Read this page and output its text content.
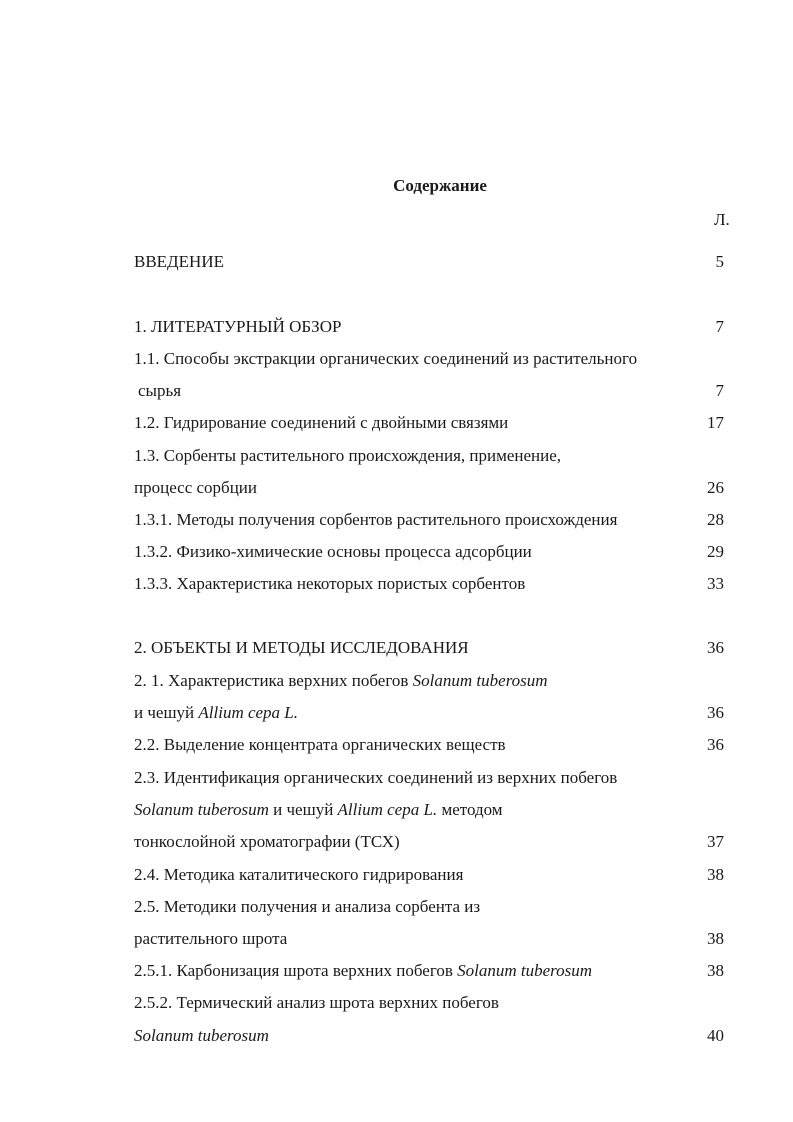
Содержание
Л.
ВВЕДЕНИЕ	5
1. ЛИТЕРАТУРНЫЙ ОБЗОР	7
1.1. Способы экстракции органических соединений из растительного
сырья	7
1.2. Гидрирование соединений с двойными связями	17
1.3. Сорбенты растительного происхождения, применение,
процесс сорбции	26
1.3.1. Методы получения сорбентов растительного происхождения	28
1.3.2. Физико-химические основы процесса адсорбции	29
1.3.3. Характеристика некоторых пористых сорбентов	33
2. ОБЪЕКТЫ И МЕТОДЫ ИССЛЕДОВАНИЯ	36
2. 1. Характеристика верхних побегов Solanum tuberosum
и чешуй Allium cepa L.	36
2.2. Выделение концентрата органических веществ	36
2.3. Идентификация органических соединений из верхних побегов
Solanum tuberosum и чешуй Allium cepa L. методом
тонкослойной хроматографии (ТСХ)	37
2.4. Методика каталитического гидрирования	38
2.5. Методики получения и анализа сорбента из
растительного шрота	38
2.5.1. Карбонизация шрота верхних побегов Solanum tuberosum	38
2.5.2. Термический анализ шрота верхних побегов
Solanum tuberosum	40
